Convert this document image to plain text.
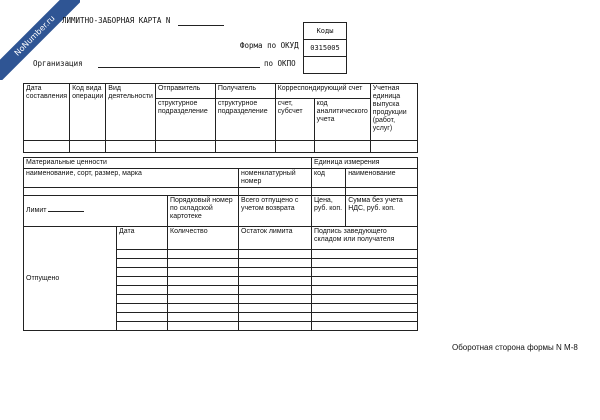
NoNumber.ru ЛИМИТНО-ЗАБОРНАЯ КАРТА N
Коды
0315005

Форма по ОКУД
Организация	по ОКПО
Дата составления	Код вида операции	Вид деятельности	Отправитель	Получатель	Корреспондирующий счет		Учетная единица выпуска продукции (работ, услуг)
			структурное подразделение	структурное подразделение	счет, субсчет	код аналитического учета	

Материальные ценности				Единица измерения	
наименование, сорт, размер, марка			номенклатурный номер	код	наименование

Лимит		Порядковый номер по складской картотеке	Всего отпущено с учетом возврата	Цена, руб. коп.	Сумма без учета НДС, руб. коп.
Отпущено	Дата	Количество	Остаток лимита	Подпись заведующего складом или получателя	

Оборотная сторона формы N М-8
